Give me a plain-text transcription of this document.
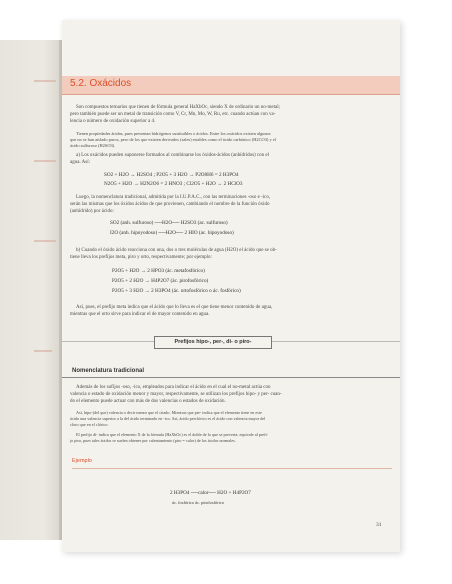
5.2. Oxácidos
Son compuestos ternarios que tienen de fórmula general HaXbOc, siendo X de ordinario un no-metal;
pero también puede ser un metal de transición como V, Cr, Mn, Mo, W, Ru, etc. cuando actúan con va-
lencia o número de oxidación superior a 4.
Tienen propiedades ácidas, pues presentan hidrógenos sustituibles o ácidos. Entre los oxácidos existen algunos
que no se han aislado puros, pero de los que existen derivados (sales) estables como el ácido carbónico (H2CO3) y el
ácido sulfuroso (H2SO3).
a) Los oxácidos pueden suponerse formados al combinarse los óxidos-ácidos (anhídridos) con el
agua. Así:
SO2 + H2O → H2SO4 ; P2O5 + 3 H2O → P2O8H6 = 2 H3PO4
N2O5 + H2O → H2N2O6 = 2 HNO3 ; Cl2O5 + H2O → 2 HClO3
Luego, la nomenclatura tradicional, admitida por la I.U.P.A.C., con las terminaciones -oso e -ico,
serán las mismas que los óxidos ácidos de que provienen, cambiando el nombre de la función óxido
(anhídrido) por ácido:
SO2 (anh. sulfuroso) ──H2O── H2SO3 (ac. sulfuroso)
I2O (anh. hipoyodoso) ──H2O── 2 HIO (ac. hipoyodoso)
b) Cuando el óxido ácido reacciona con una, dos o tres moléculas de agua (H2O) el ácido que se ob-
tiene lleva los prefijos meta, piro y orto, respectivamente; por ejemplo:
P2O5 + H2O → 2 HPO3 (ác. metafosfórico)
P2O5 + 2 H2O → H4P2O7 (ác. pirofosfórico)
P2O5 + 3 H2O → 2 H3PO4 (ác. ortofosfórico o ác. fosfórico)
Así, pues, el prefijo meta indica que el ácido que lo lleva es el que tiene menor contenido de agua,
mientras que el orto sirve para indicar el de mayor contenido en agua.
Prefijos hipo-, per-, di- o piro-
Nomenclatura tradicional
Además de los sufijos -oso, -ico, empleados para indicar el ácido en el cual el no-metal actúa con
valencia o estado de oxidación menor y mayor, respectivamente, se utilizan los prefijos hipo- y per- cuan-
do el elemento puede actuar con más de dos valencias o estados de oxidación.
Así, hipo-(del que) valencia o decir menor que el citado. Mientras que per- indica que el elemento tiene en este
ácido una valencia superior a la del ácido terminado en -ico. Así, ácido perclórico es el ácido con valencia mayor del
cloro que en el clórico.
El prefijo di- indica que el elemento X de la fórmula (HaXbOc) es el doble de lo que se prevería; equivale al prefi-
jo piro, pues tales ácidos se suelen obtener por calentamiento (piro = calor) de los ácidos normales.
Ejemplo
2 H3PO4 ──calor── H2O + H4P2O7
ác. fosfórico ác. pirofosfórico
31
